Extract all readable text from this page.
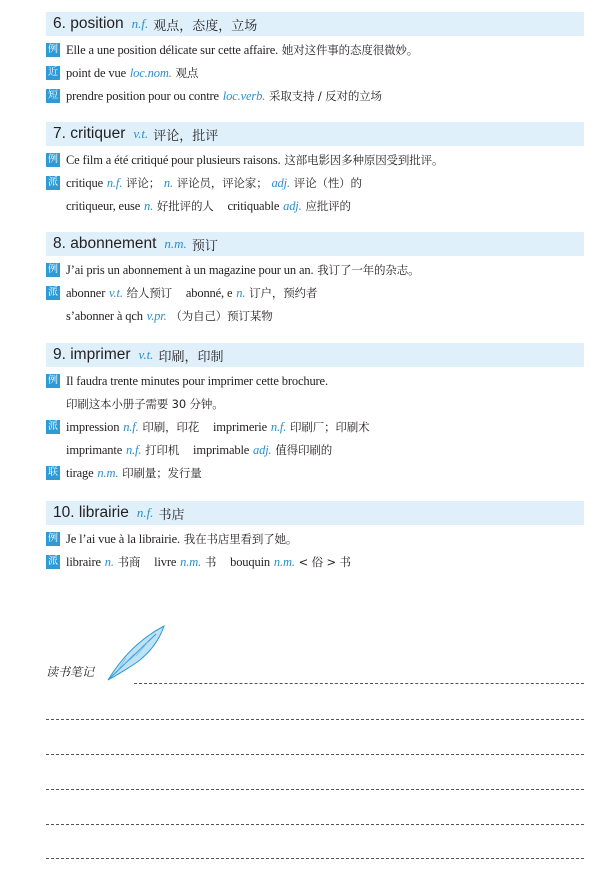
6. position n.f. 观点，态度，立场
例 Elle a une position délicate sur cette affaire. 她对这件事的态度很微妙。
近 point de vue loc.nom. 观点
短 prendre position pour ou contre loc.verb. 采取支持 / 反对的立场
7. critiquer v.t. 评论，批评
例 Ce film a été critiqué pour plusieurs raisons. 这部电影因多种原因受到批评。
派 critique n.f. 评论； n. 评论员，评论家； adj. 评论（性）的
critiqueur, euse n. 好批评的人 critiquable adj. 应批评的
8. abonnement n.m. 预订
例 J’ai pris un abonnement à un magazine pour un an. 我订了一年的杂志。
派 abonner v.t. 给人预订 abonné, e n. 订户，预约者
s’abonner à qch v.pr. （为自己）预订某物
9. imprimer v.t. 印刷，印制
例 Il faudra trente minutes pour imprimer cette brochure.
印刷这本小册子需要 30 分钟。
派 impression n.f. 印刷，印花 imprimerie n.f. 印刷厂；印刷术
imprimante n.f. 打印机 imprimable adj. 值得印刷的
联 tirage n.m. 印刷量；发行量
10. librairie n.f. 书店
例 Je l’ai vue à la librairie. 我在书店里看到了她。
派 libraire n. 书商 livre n.m. 书 bouquin n.m. < 俗 > 书
读书笔记
